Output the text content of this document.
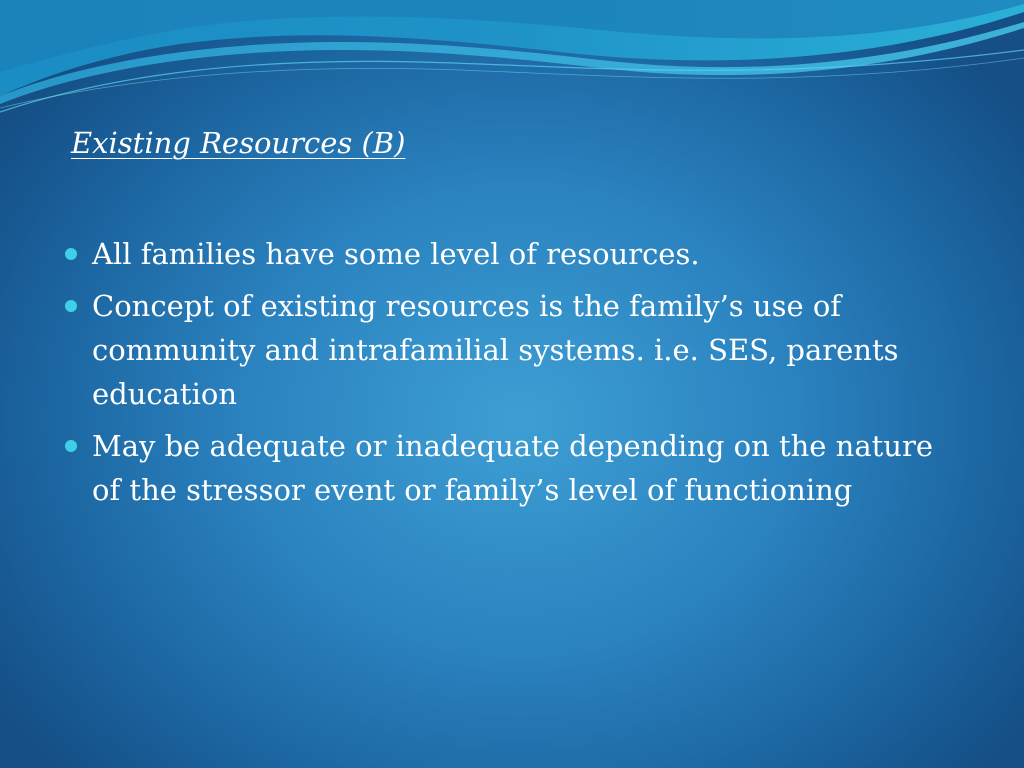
Existing Resources (B)
All families have some level of resources.
Concept of existing resources is the family’s use of community and intrafamilial systems. i.e. SES, parents education
May be adequate or inadequate depending on the nature of the stressor event or family’s level of functioning
